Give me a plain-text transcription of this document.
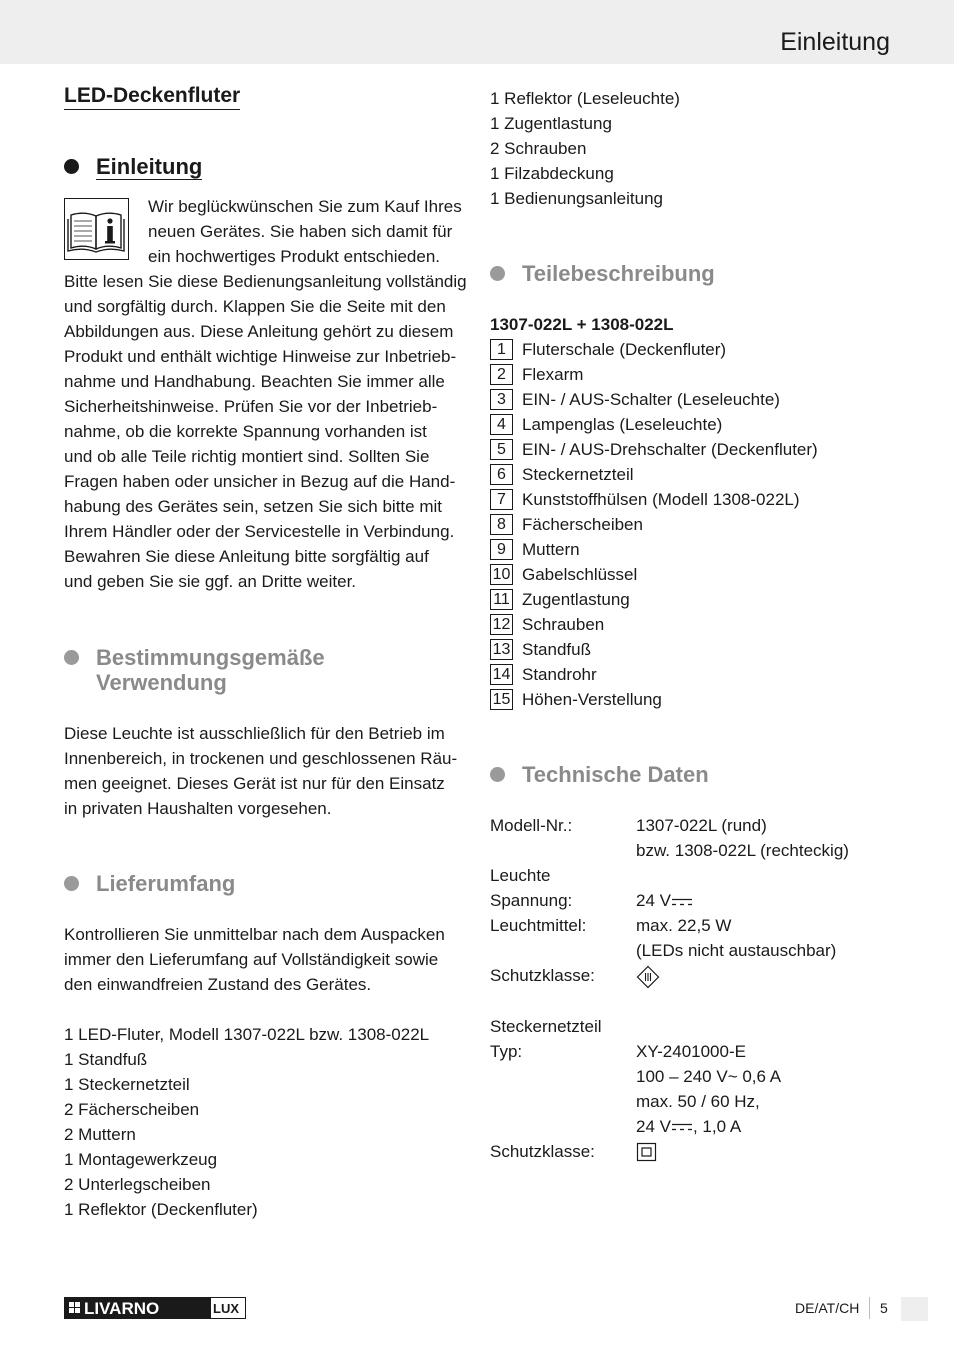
Einleitung
LED-Deckenfluter
Einleitung
Wir beglückwünschen Sie zum Kauf Ihres
neuen Gerätes. Sie haben sich damit für
ein hochwertiges Produkt entschieden.
Bitte lesen Sie diese Bedienungsanleitung vollständig
und sorgfältig durch. Klappen Sie die Seite mit den
Abbildungen aus. Diese Anleitung gehört zu diesem
Produkt und enthält wichtige Hinweise zur Inbetrieb-
nahme und Handhabung. Beachten Sie immer alle
Sicherheitshinweise. Prüfen Sie vor der Inbetrieb-
nahme, ob die korrekte Spannung vorhanden ist
und ob alle Teile richtig montiert sind. Sollten Sie
Fragen haben oder unsicher in Bezug auf die Hand-
habung des Gerätes sein, setzen Sie sich bitte mit
Ihrem Händler oder der Servicestelle in Verbindung.
Bewahren Sie diese Anleitung bitte sorgfältig auf
und geben Sie sie ggf. an Dritte weiter.
Bestimmungsgemäße
Verwendung
Diese Leuchte ist ausschließlich für den Betrieb im
Innenbereich, in trockenen und geschlossenen Räu-
men geeignet. Dieses Gerät ist nur für den Einsatz
in privaten Haushalten vorgesehen.
Lieferumfang
Kontrollieren Sie unmittelbar nach dem Auspacken
immer den Lieferumfang auf Vollständigkeit sowie
den einwandfreien Zustand des Gerätes.
1 LED-Fluter, Modell 1307-022L bzw. 1308-022L
1 Standfuß
1 Steckernetzteil
2 Fächerscheiben
2 Muttern
1 Montagewerkzeug
2 Unterlegscheiben
1 Reflektor (Deckenfluter)
1 Reflektor (Leseleuchte)
1 Zugentlastung
2 Schrauben
1 Filzabdeckung
1 Bedienungsanleitung
Teilebeschreibung
1307-022L + 1308-022L
1 Fluterschale (Deckenfluter)
2 Flexarm
3 EIN- / AUS-Schalter (Leseleuchte)
4 Lampenglas (Leseleuchte)
5 EIN- / AUS-Drehschalter (Deckenfluter)
6 Steckernetzteil
7 Kunststoffhülsen (Modell 1308-022L)
8 Fächerscheiben
9 Muttern
10 Gabelschlüssel
11 Zugentlastung
12 Schrauben
13 Standfuß
14 Standrohr
15 Höhen-Verstellung
Technische Daten
Modell-Nr.:	1307-022L (rund)
bzw. 1308-022L (rechteckig)
Leuchte
Spannung:	24 V
Leuchtmittel:	max. 22,5 W
(LEDs nicht austauschbar)
Schutzklasse:
Steckernetzteil
Typ:	XY-2401000-E
100 – 240 V~ 0,6 A
max. 50 / 60 Hz,
24 V , 1,0 A
Schutzklasse:
LIVARNO	LUX	DE/AT/CH 5
